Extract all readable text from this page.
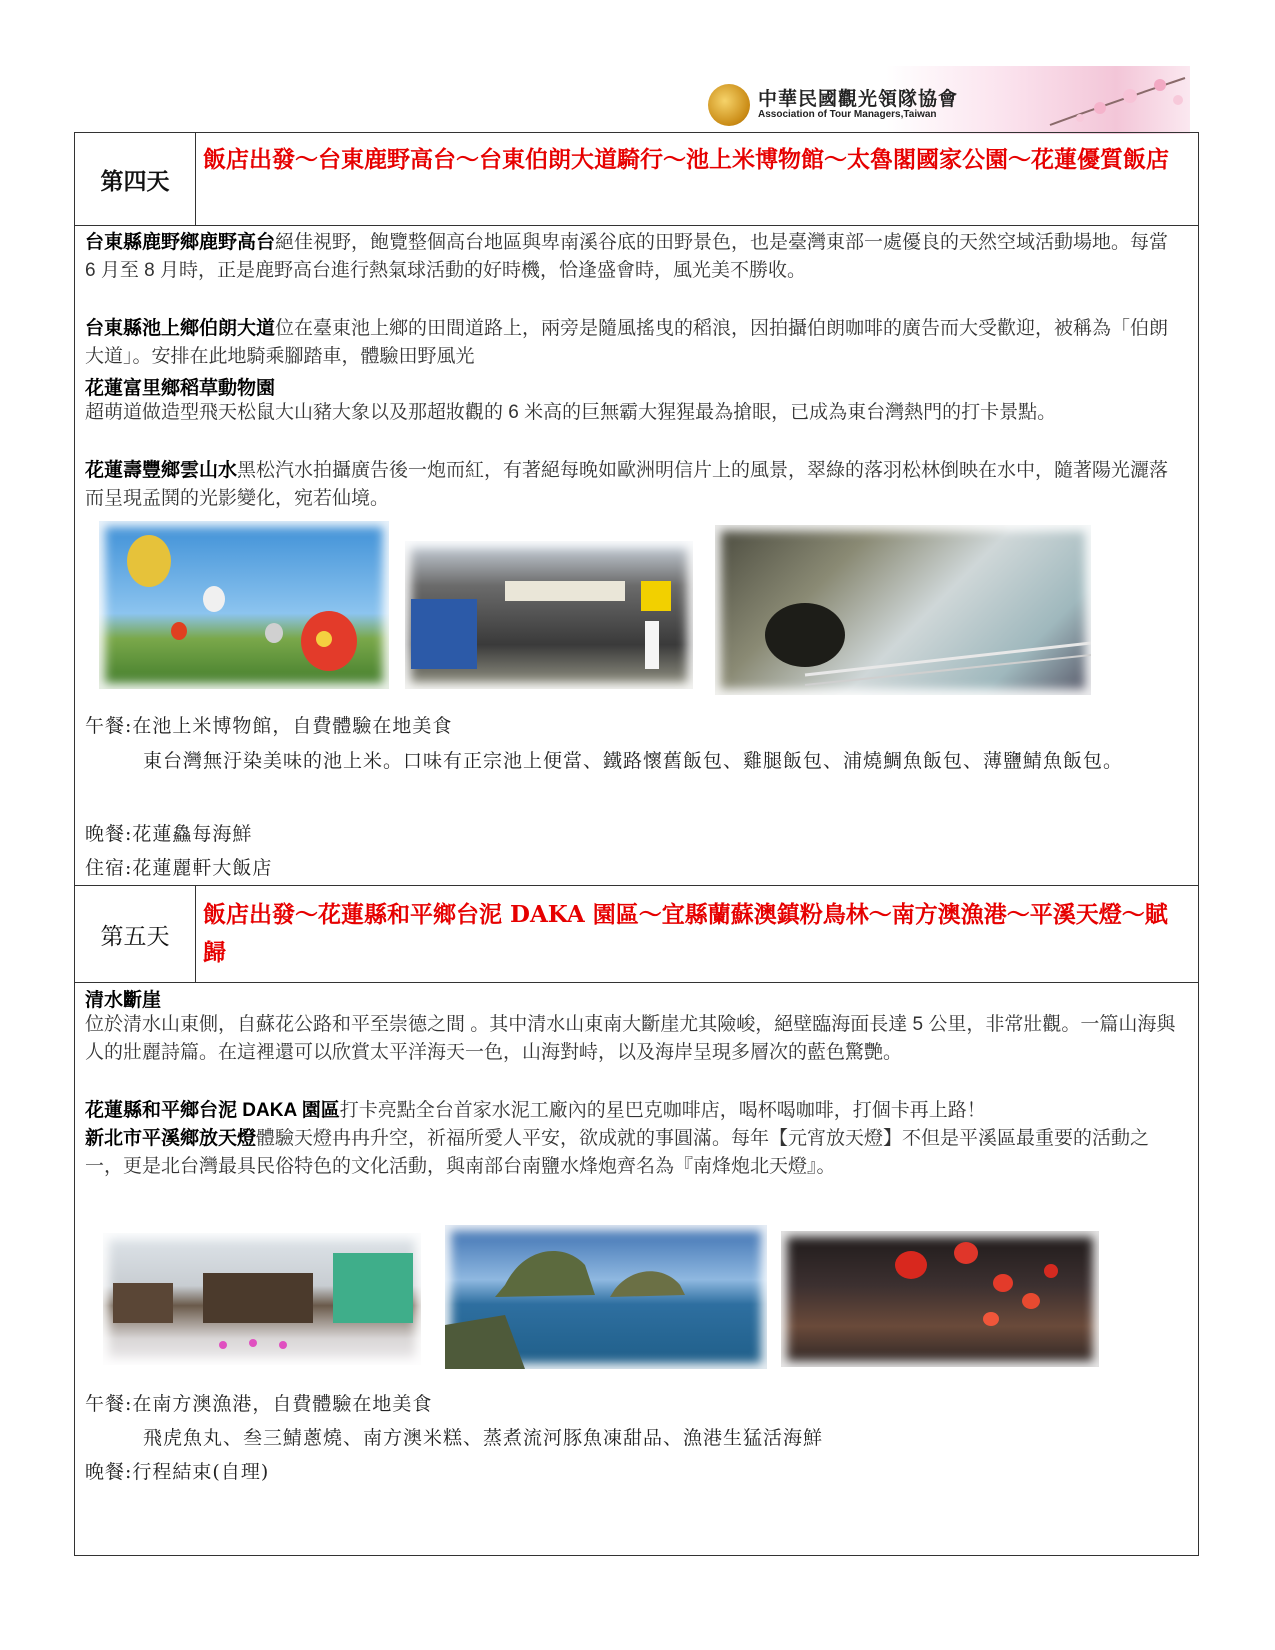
中華民國觀光領隊協會
Association of Tour Managers,Taiwan
第四天
飯店出發～台東鹿野高台～台東伯朗大道騎行～池上米博物館～太魯閣國家公園～花蓮優質飯店
台東縣鹿野鄉鹿野高台絕佳視野，飽覽整個高台地區與卑南溪谷底的田野景色，也是臺灣東部一處優良的天然空域活動場地。每當 6 月至 8 月時，正是鹿野高台進行熱氣球活動的好時機，恰逢盛會時，風光美不勝收。
台東縣池上鄉伯朗大道位在臺東池上鄉的田間道路上，兩旁是隨風搖曳的稻浪，因拍攝伯朗咖啡的廣告而大受歡迎，被稱為「伯朗大道」。安排在此地騎乘腳踏車，體驗田野風光
花蓮富里鄉稻草動物園
超萌道做造型飛天松鼠大山豬大象以及那超妝觀的 6 米高的巨無霸大猩猩最為搶眼，已成為東台灣熱門的打卡景點。
花蓮壽豐鄉雲山水黑松汽水拍攝廣告後一炮而紅，有著絕每晚如歐洲明信片上的風景，翠綠的落羽松林倒映在水中，隨著陽光灑落而呈現孟鬨的光影變化，宛若仙境。
午餐:在池上米博物館，自費體驗在地美食
東台灣無汙染美味的池上米。口味有正宗池上便當、鐵路懷舊飯包、雞腿飯包、浦燒鯛魚飯包、薄鹽鯖魚飯包。
晚餐:花蓮鱻每海鮮
住宿:花蓮麗軒大飯店
第五天
飯店出發～花蓮縣和平鄉台泥 DAKA 園區～宜縣蘭蘇澳鎮粉鳥林～南方澳漁港～平溪天燈～賦歸
清水斷崖
位於清水山東側，自蘇花公路和平至崇德之間 。其中清水山東南大斷崖尤其險峻，絕壁臨海面長達 5 公里，非常壯觀。一篇山海與人的壯麗詩篇。在這裡還可以欣賞太平洋海天一色，山海對峙，以及海岸呈現多層次的藍色驚艷。
花蓮縣和平鄉台泥 DAKA 園區打卡亮點全台首家水泥工廠內的星巴克咖啡店，喝杯喝咖啡，打個卡再上路！
新北市平溪鄉放天燈體驗天燈冉冉升空，祈福所愛人平安，欲成就的事圓滿。每年【元宵放天燈】不但是平溪區最重要的活動之一，更是北台灣最具民俗特色的文化活動，與南部台南鹽水烽炮齊名為『南烽炮北天燈』。
午餐:在南方澳漁港，自費體驗在地美食
飛虎魚丸、叁三鯖蔥燒、南方澳米糕、蒸煮流河豚魚凍甜品、漁港生猛活海鮮
晚餐:行程結束(自理)
